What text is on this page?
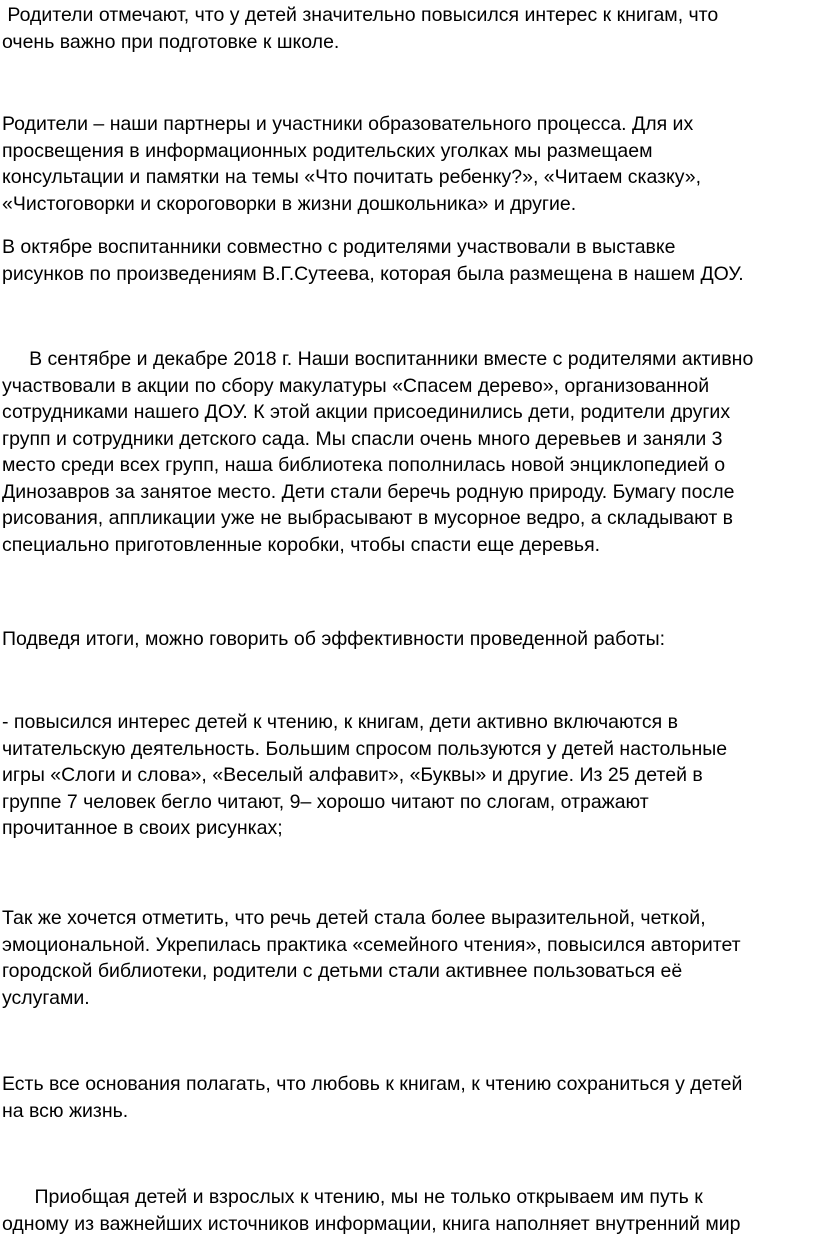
Родители отмечают, что у детей значительно повысился интерес к книгам, что
очень важно при подготовке к школе.

Родители – наши партнеры и участники образовательного процесса. Для их
просвещения в информационных родительских уголках мы размещаем
консультации и памятки на темы «Что почитать ребенку?», «Читаем сказку»,
«Чистоговорки и скороговорки в жизни дошкольника» и другие.

В октябре воспитанники совместно с родителями участвовали в выставке
рисунков по произведениям В.Г.Сутеева, которая была размещена в нашем ДОУ.

В сентябре и декабре 2018 г. Наши воспитанники вместе с родителями активно
участвовали в акции по сбору макулатуры «Спасем дерево», организованной
сотрудниками нашего ДОУ. К этой акции присоединились дети, родители других
групп и сотрудники детского сада. Мы спасли очень много деревьев и заняли 3
место среди всех групп, наша библиотека пополнилась новой энциклопедией о
Динозавров за занятое место. Дети стали беречь родную природу. Бумагу после
рисования, аппликации уже не выбрасывают в мусорное ведро, а складывают в
специально приготовленные коробки, чтобы спасти еще деревья.

Подведя итоги, можно говорить об эффективности проведенной работы:

- повысился интерес детей к чтению, к книгам, дети активно включаются в
читательскую деятельность. Большим спросом пользуются у детей настольные
игры «Слоги и слова», «Веселый алфавит», «Буквы» и другие. Из 25 детей в
группе 7 человек бегло читают, 9– хорошо читают по слогам, отражают
прочитанное в своих рисунках;

Так же хочется отметить, что речь детей стала более выразительной, четкой,
эмоциональной. Укрепилась практика «семейного чтения», повысился авторитет
городской библиотеки, родители с детьми стали активнее пользоваться её
услугами.

Есть все основания полагать, что любовь к книгам, к чтению сохраниться у детей
на всю жизнь.

Приобщая детей и взрослых к чтению, мы не только открываем им путь к
одному из важнейших источников информации, книга наполняет внутренний мир
